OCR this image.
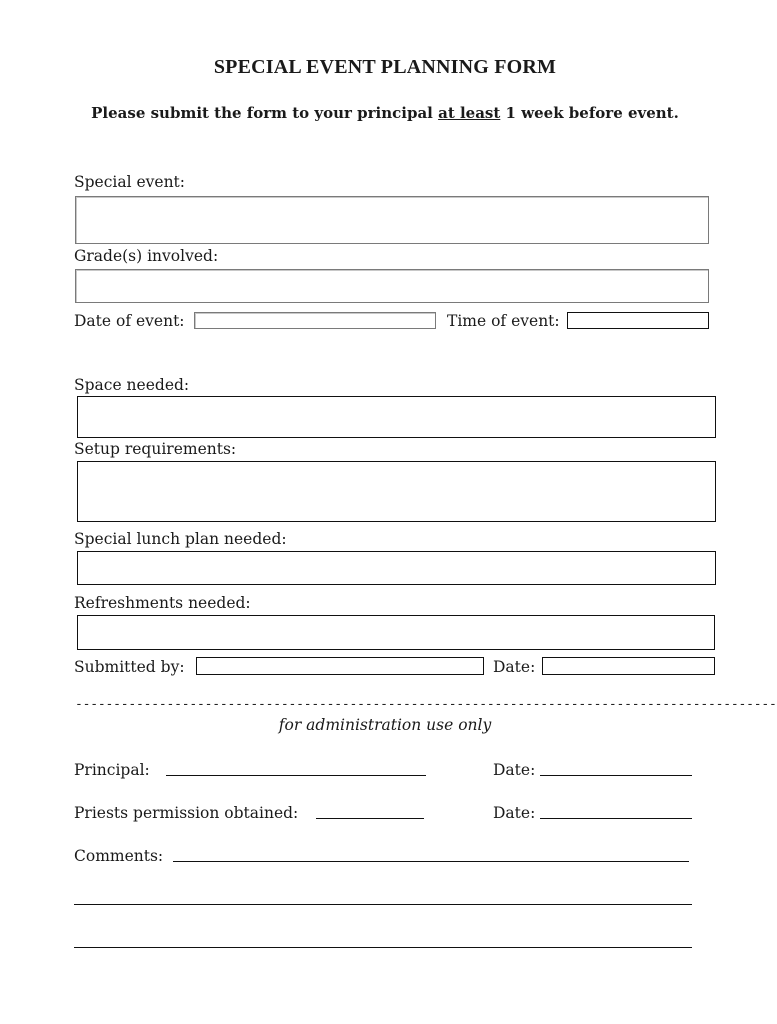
SPECIAL EVENT PLANNING FORM
Please submit the form to your principal at least 1 week before event.
Special event:
Grade(s) involved:
Date of event:	Time of event:
Space needed:
Setup requirements:
Special lunch plan needed:
Refreshments needed:
Submitted by:	Date:
--------------------------------------------------------------------------------------------
for administration use only
Principal:	Date:
Priests permission obtained:	Date:
Comments:
